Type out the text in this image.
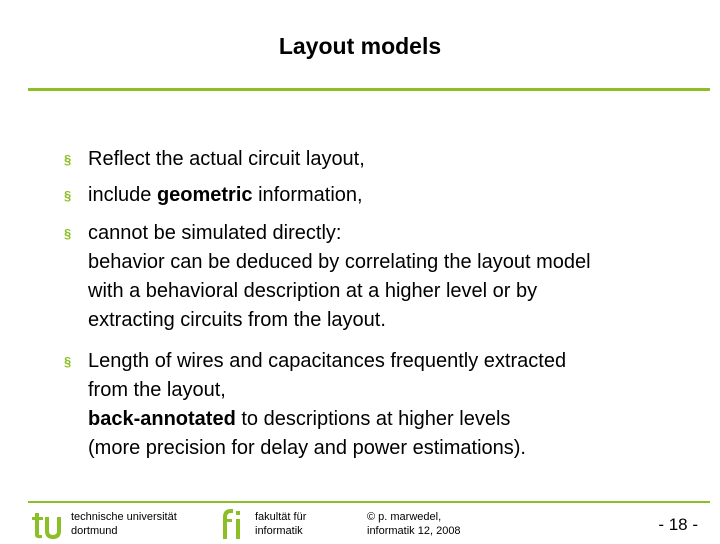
Layout models
§ Reflect the actual circuit layout,
§ include geometric information,
§ cannot be simulated directly:
behavior can be deduced by correlating the layout model
with a behavioral description at a higher level or by
extracting circuits from the layout.
§ Length of wires and capacitances frequently extracted
from the layout,
back-annotated to descriptions at higher levels
(more precision for delay and power estimations).
technische universität
dortmund
fakultät für
informatik
© p. marwedel,
informatik 12, 2008	- 18 -
